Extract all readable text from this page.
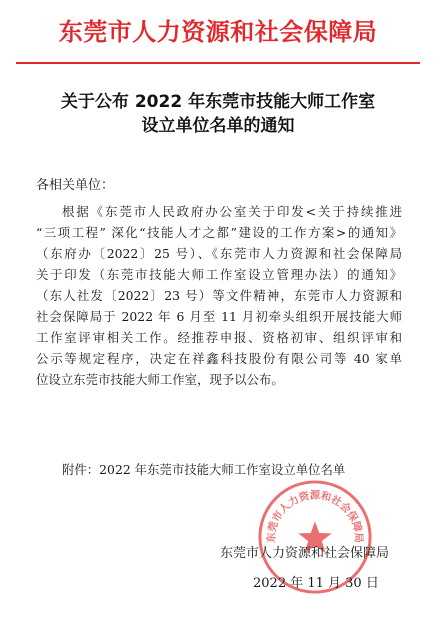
东莞市人力资源和社会保障局
关于公布 2022 年东莞市技能大师工作室
设立单位名单的通知
各相关单位：
根据《东莞市人民政府办公室关于印发<关于持续推进
“三项工程” 深化“技能人才之都”建设的工作方案>的通知》
（东府办〔2022〕25 号）、《东莞市人力资源和社会保障局
关于印发（东莞市技能大师工作室设立管理办法）的通知》
（东人社发〔2022〕23 号）等文件精神，东莞市人力资源和
社会保障局于 2022 年 6 月至 11 月初牵头组织开展技能大师
工作室评审相关工作。经推荐申报、资格初审、组织评审和
公示等规定程序，决定在祥鑫科技股份有限公司等 40 家单
位设立东莞市技能大师工作室，现予以公布。
附件：2022 年东莞市技能大师工作室设立单位名单
东莞市人力资源和社会保障局
东莞市人力资源和社会保障局
2022 年 11 月 30 日
